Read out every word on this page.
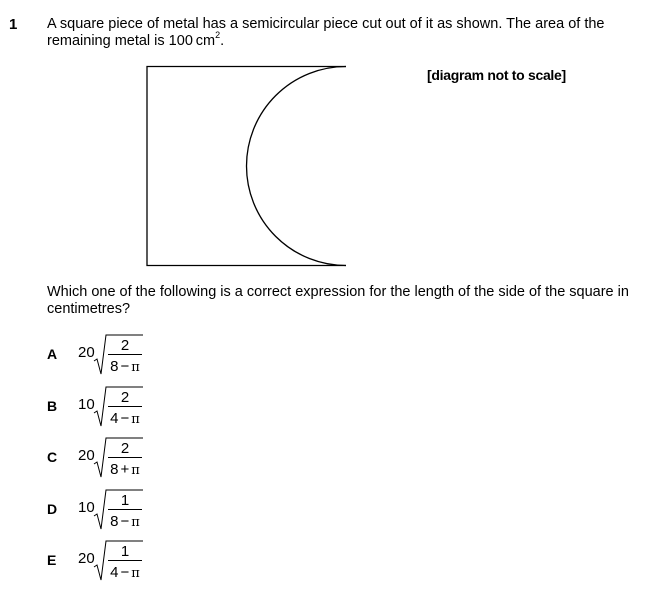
1 A square piece of metal has a semicircular piece cut out of it as shown. The area of the remaining metal is 100 $cm^2$.
[diagram not to scale]
Which one of the following is a correct expression for the length of the side of the square in centimetres?
A 20 2
8 − π
B 10 2
4 − π
C 20 2
8 + π
D 10 1
8 − π
E 20 1
4 − π
